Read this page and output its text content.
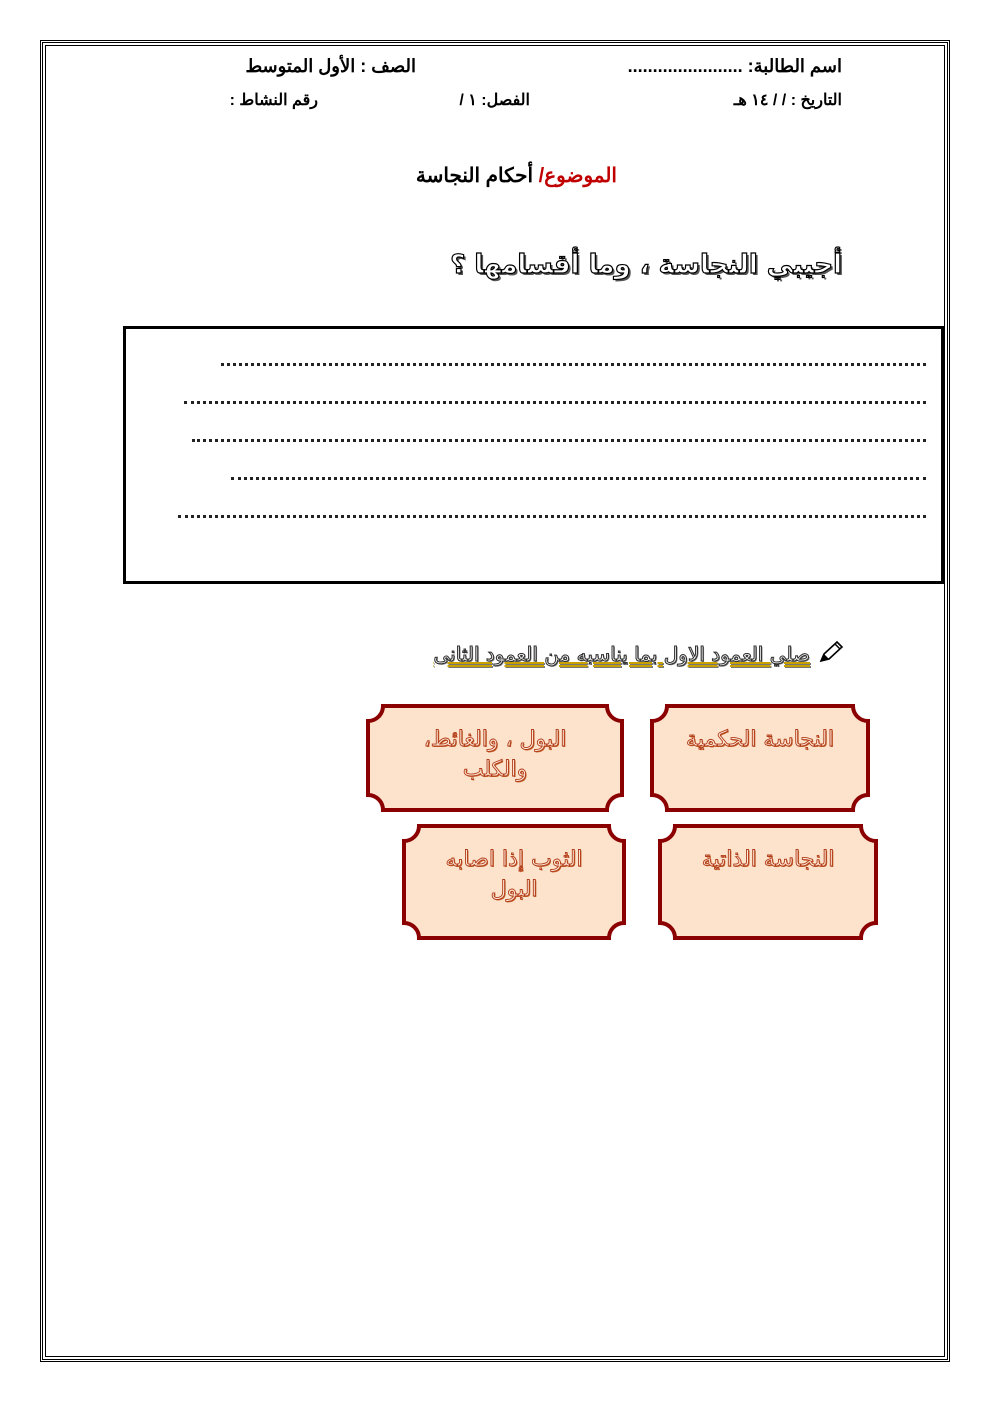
اسم الطالبة: .......................
الصف : الأول المتوسط
التاريخ : / / ١٤ هـ
الفصل: ١ /
رقم النشاط :
الموضوع/ أحكام النجاسة
أجيبي النجاسة ، وما أقسامها ؟
صلي العمود الاول بما يناسبه من العمود الثانى
النجاسة الحكمية
النجاسة الذاتية
البول ، والغائط، والكلب
الثوب إذا اصابه البول
